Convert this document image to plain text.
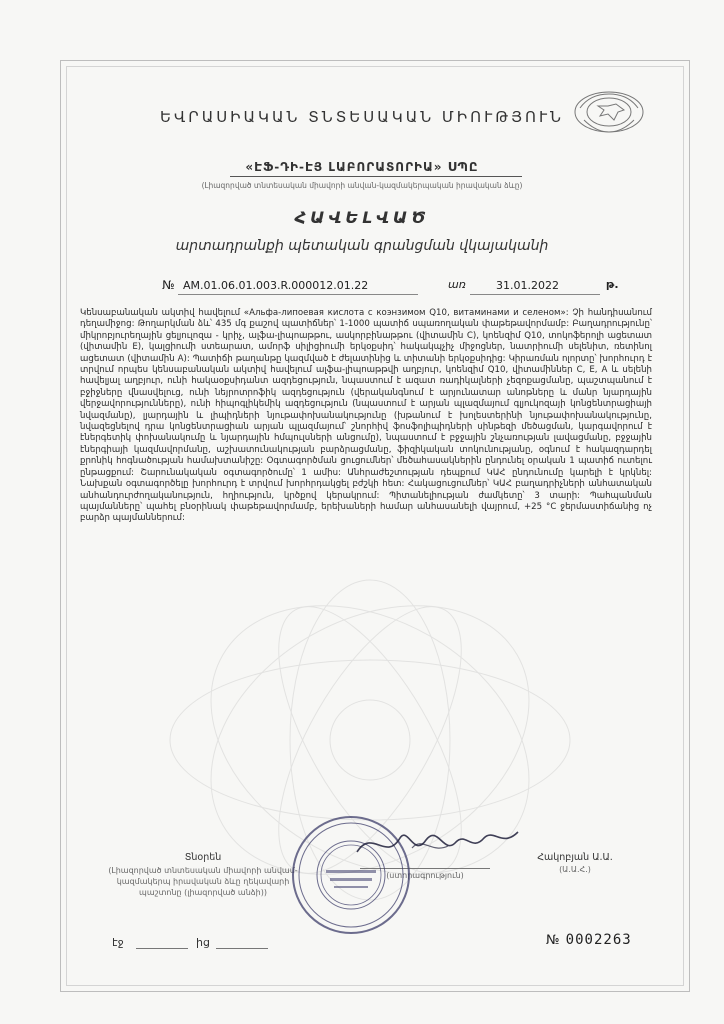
ԵՎՐԱՍԻԱԿԱՆ ՏՆՏԵՍԱԿԱՆ ՄԻՈՒԹՅՈՒՆ
«ԷՖ-ԴԻ-ԷՅ ԼԱԲՈՐԱՏՈՐԻԱ» ՍՊԸ
(Լիազորված տնտեսական միավորի անվան-կազմակերպական իրավական ձևը)
ՀԱՎԵԼՎԱԾ
արտադրանքի պետական գրանցման վկայականի
№ AM.01.06.01.003.R.000012.01.22	առ	31.01.2022	թ.
Կենսաբանական ակտիվ հավելում «Альфа-липоевая кислота с коэнзимом Q10, витаминами и селеном»: Չի հանդիսանում դեղամիջոց: Թողարկման ձև՝ 435 մգ քաշով պատիճներ՝ 1-1000 պատիճ սպառողական փաթեթավորմամբ: Բաղադրությունը՝ միկրոբյուրեղային ցելյուլոզա - կրիչ, ալֆա-լիպոաթթու, ասկորբինաթթու (վիտամին C), կոենզիմ Q10, տոկոֆերոլի ացետատ (վիտամին E), կալցիումի ստեարատ, ամորֆ սիլիցիումի երկօքսիդ՝ հակակպչիչ միջոցներ, նատրիումի սելենիտ, ռետինոլ ացետատ (վիտամին A): Պատիճի թաղանթը կազմված է ժելատինից և տիտանի երկօքսիդից: Կիրառման ոլորտը՝ խորհուրդ է տրվում որպես կենսաբանական ակտիվ հավելում ալֆա-լիպոաթթվի աղբյուր, կոենզիմ Q10, վիտամիններ C, E, A և սելենի հավելյալ աղբյուր, ունի հակաօքսիդանտ ազդեցություն, նպաստում է ազատ ռադիկալների չեզոքացմանը, պաշտպանում է բջիջները վնասվելուց, ունի նեյրոտրոֆիկ ազդեցություն (վերականգնում է արյունատար անոթները և մանր նյարդային վերջավորությունները), ունի հիպոգլիկեմիկ ազդեցություն (նպաստում է արյան պլազմայում գլյուկոզայի կոնցենտրացիայի նվազմանը), լյարդային և լիպիդների նյութափոխանակությունը (խթանում է խոլեստերինի նյութափոխանակությունը, նվազեցնելով դրա կոնցենտրացիան արյան պլազմայում՝ շնորհիվ ֆոսֆոլիպիդների սինթեզի մեծացման, կարգավորում է էներգետիկ փոխանակումը և նյարդային հմպուլսների անցումը), նպաստում է բջջային շնչառության լավացմանը, բջջային էներգիայի կազմավորմանը, աշխատունակության բարձրացմանը, ֆիզիկական տոկունությանը, օգնում է հակազդարդել քրոնիկ հոգնածության համախտանիշը: Օգտագործման ցուցումներ՝ մեծահասակներին ընդունել օրական 1 պատիճ ուտելու ընթացքում: Շարունակական օգտագործումը՝ 1 ամիս: Անհրաժեշտության դեպքում ԿԱՀ ընդունումը կարելի է կրկնել: Նախքան օգտագործելը խորհուրդ է տրվում խորհրդակցել բժշկի հետ: Հակացուցումներ՝ ԿԱՀ բաղադրիչների անհատական անհանդուրժողականություն, հղիություն, կրծքով կերակրում: Պիտանելիության ժամկետը՝ 3 տարի: Պահպանման պայմանները՝ պահել բնօրինակ փաթեթավորմամբ, երեխաների համար անհասանելի վայրում, +25 °C ջերմաստիճանից ոչ բարձր պայմաններում:
Տնօրեն
(Լիազորված տնտեսական միավորի անվամ-կազմակերպ իրավական ձևը ղեկավարի պաշտոնը (լիազորված անձի))
(ստորագրություն)
Հակոբյան Ա.Ա.
(Ա.Ա.Հ.)
էջ	ից	№ 0002263
